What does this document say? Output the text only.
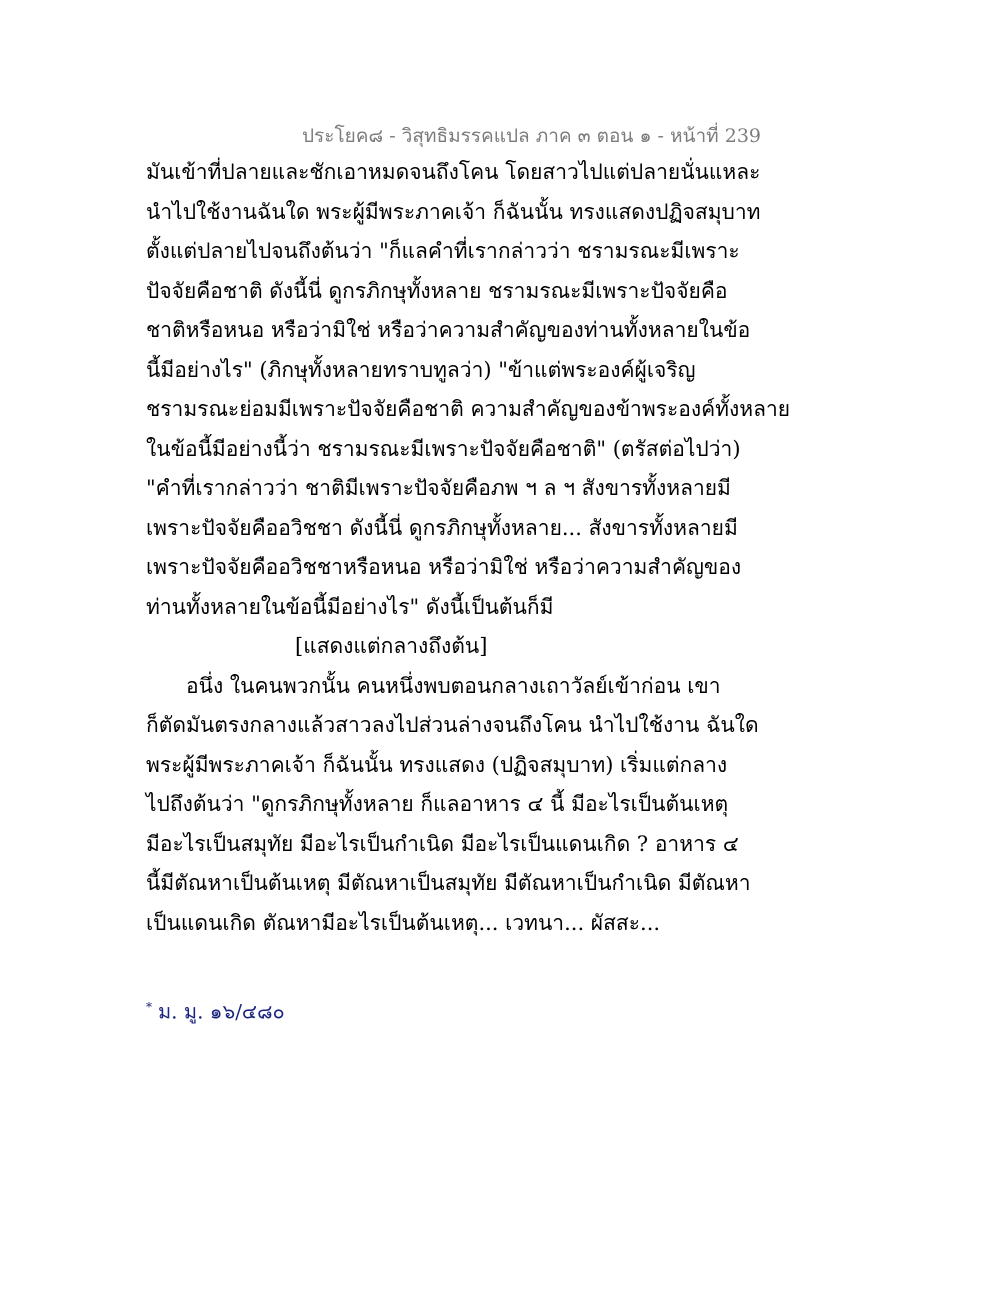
ประโยค๘ - วิสุทธิมรรคแปล ภาค ๓ ตอน ๑ - หน้าที่ 239
มันเข้าที่ปลายและชักเอาหมดจนถึงโคน โดยสาวไปแต่ปลายนั่นแหละ
นำไปใช้งานฉันใด พระผู้มีพระภาคเจ้า ก็ฉันนั้น ทรงแสดงปฏิจสมุบาท
ตั้งแต่ปลายไปจนถึงต้นว่า "ก็แลคำที่เรากล่าวว่า ชรามรณะมีเพราะ
ปัจจัยคือชาติ ดังนี้นี่ ดูกรภิกษุทั้งหลาย ชรามรณะมีเพราะปัจจัยคือ
ชาติหรือหนอ หรือว่ามิใช่ หรือว่าความสำคัญของท่านทั้งหลายในข้อ
นี้มีอย่างไร" (ภิกษุทั้งหลายทราบทูลว่า) "ข้าแต่พระองค์ผู้เจริญ
ชรามรณะย่อมมีเพราะปัจจัยคือชาติ ความสำคัญของข้าพระองค์ทั้งหลาย
ในข้อนี้มีอย่างนี้ว่า ชรามรณะมีเพราะปัจจัยคือชาติ" (ตรัสต่อไปว่า)
"คำที่เรากล่าวว่า ชาติมีเพราะปัจจัยคือภพ ฯ ล ฯ สังขารทั้งหลายมี
เพราะปัจจัยคืออวิชชา ดังนี้นี่ ดูกรภิกษุทั้งหลาย... สังขารทั้งหลายมี
เพราะปัจจัยคืออวิชชาหรือหนอ หรือว่ามิใช่ หรือว่าความสำคัญของ
ท่านทั้งหลายในข้อนี้มีอย่างไร" ดังนี้เป็นต้นก็มี
[แสดงแต่กลางถึงต้น]
อนึ่ง ในคนพวกนั้น คนหนึ่งพบตอนกลางเถาวัลย์เข้าก่อน เขา
ก็ตัดมันตรงกลางแล้วสาวลงไปส่วนล่างจนถึงโคน นำไปใช้งาน ฉันใด
พระผู้มีพระภาคเจ้า ก็ฉันนั้น ทรงแสดง (ปฏิจสมุบาท) เริ่มแต่กลาง
ไปถึงต้นว่า "ดูกรภิกษุทั้งหลาย ก็แลอาหาร ๔ นี้ มีอะไรเป็นต้นเหตุ
มีอะไรเป็นสมุทัย มีอะไรเป็นกำเนิด มีอะไรเป็นแดนเกิด ? อาหาร ๔
นี้มีตัณหาเป็นต้นเหตุ มีตัณหาเป็นสมุทัย มีตัณหาเป็นกำเนิด มีตัณหา
เป็นแดนเกิด ตัณหามีอะไรเป็นต้นเหตุ... เวทนา... ผัสสะ...
* ม. มู. ๑๖/๔๘๐
